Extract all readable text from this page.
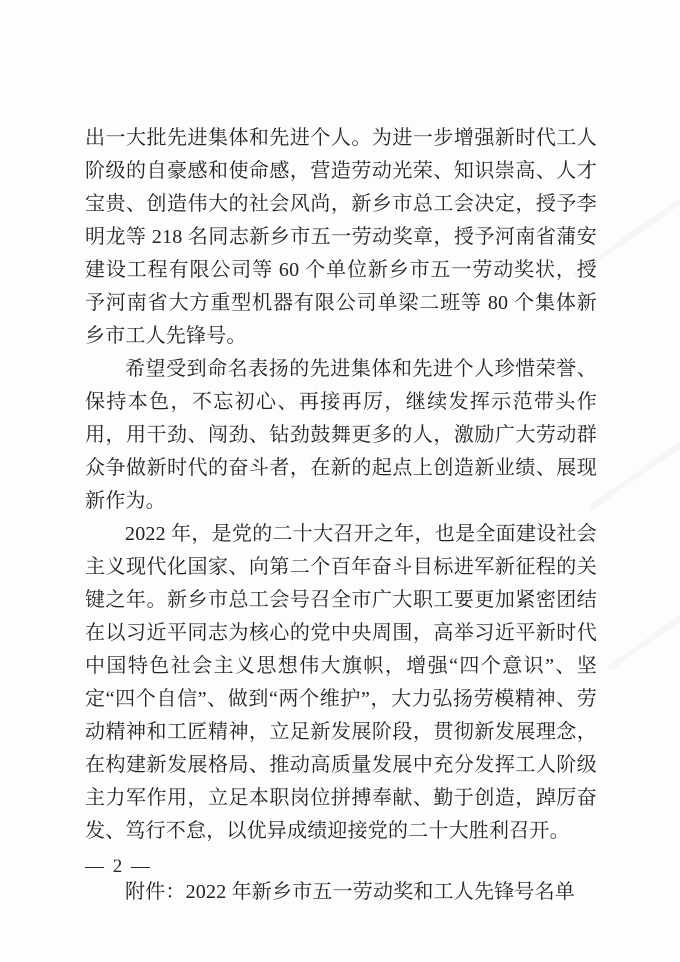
出一大批先进集体和先进个人。为进一步增强新时代工人阶级的自豪感和使命感，营造劳动光荣、知识崇高、人才宝贵、创造伟大的社会风尚，新乡市总工会决定，授予李明龙等 218 名同志新乡市五一劳动奖章，授予河南省蒲安建设工程有限公司等 60 个单位新乡市五一劳动奖状，授予河南省大方重型机器有限公司单梁二班等 80 个集体新乡市工人先锋号。

希望受到命名表扬的先进集体和先进个人珍惜荣誉、保持本色，不忘初心、再接再厉，继续发挥示范带头作用，用干劲、闯劲、钻劲鼓舞更多的人，激励广大劳动群众争做新时代的奋斗者，在新的起点上创造新业绩、展现新作为。

2022 年，是党的二十大召开之年，也是全面建设社会主义现代化国家、向第二个百年奋斗目标进军新征程的关键之年。新乡市总工会号召全市广大职工要更加紧密团结在以习近平同志为核心的党中央周围，高举习近平新时代中国特色社会主义思想伟大旗帜，增强“四个意识”、坚定“四个自信”、做到“两个维护”，大力弘扬劳模精神、劳动精神和工匠精神，立足新发展阶段，贯彻新发展理念，在构建新发展格局、推动高质量发展中充分发挥工人阶级主力军作用，立足本职岗位拼搏奉献、勤于创造，踔厉奋发、笃行不怠，以优异成绩迎接党的二十大胜利召开。

附件：2022 年新乡市五一劳动奖和工人先锋号名单

— 2 —
